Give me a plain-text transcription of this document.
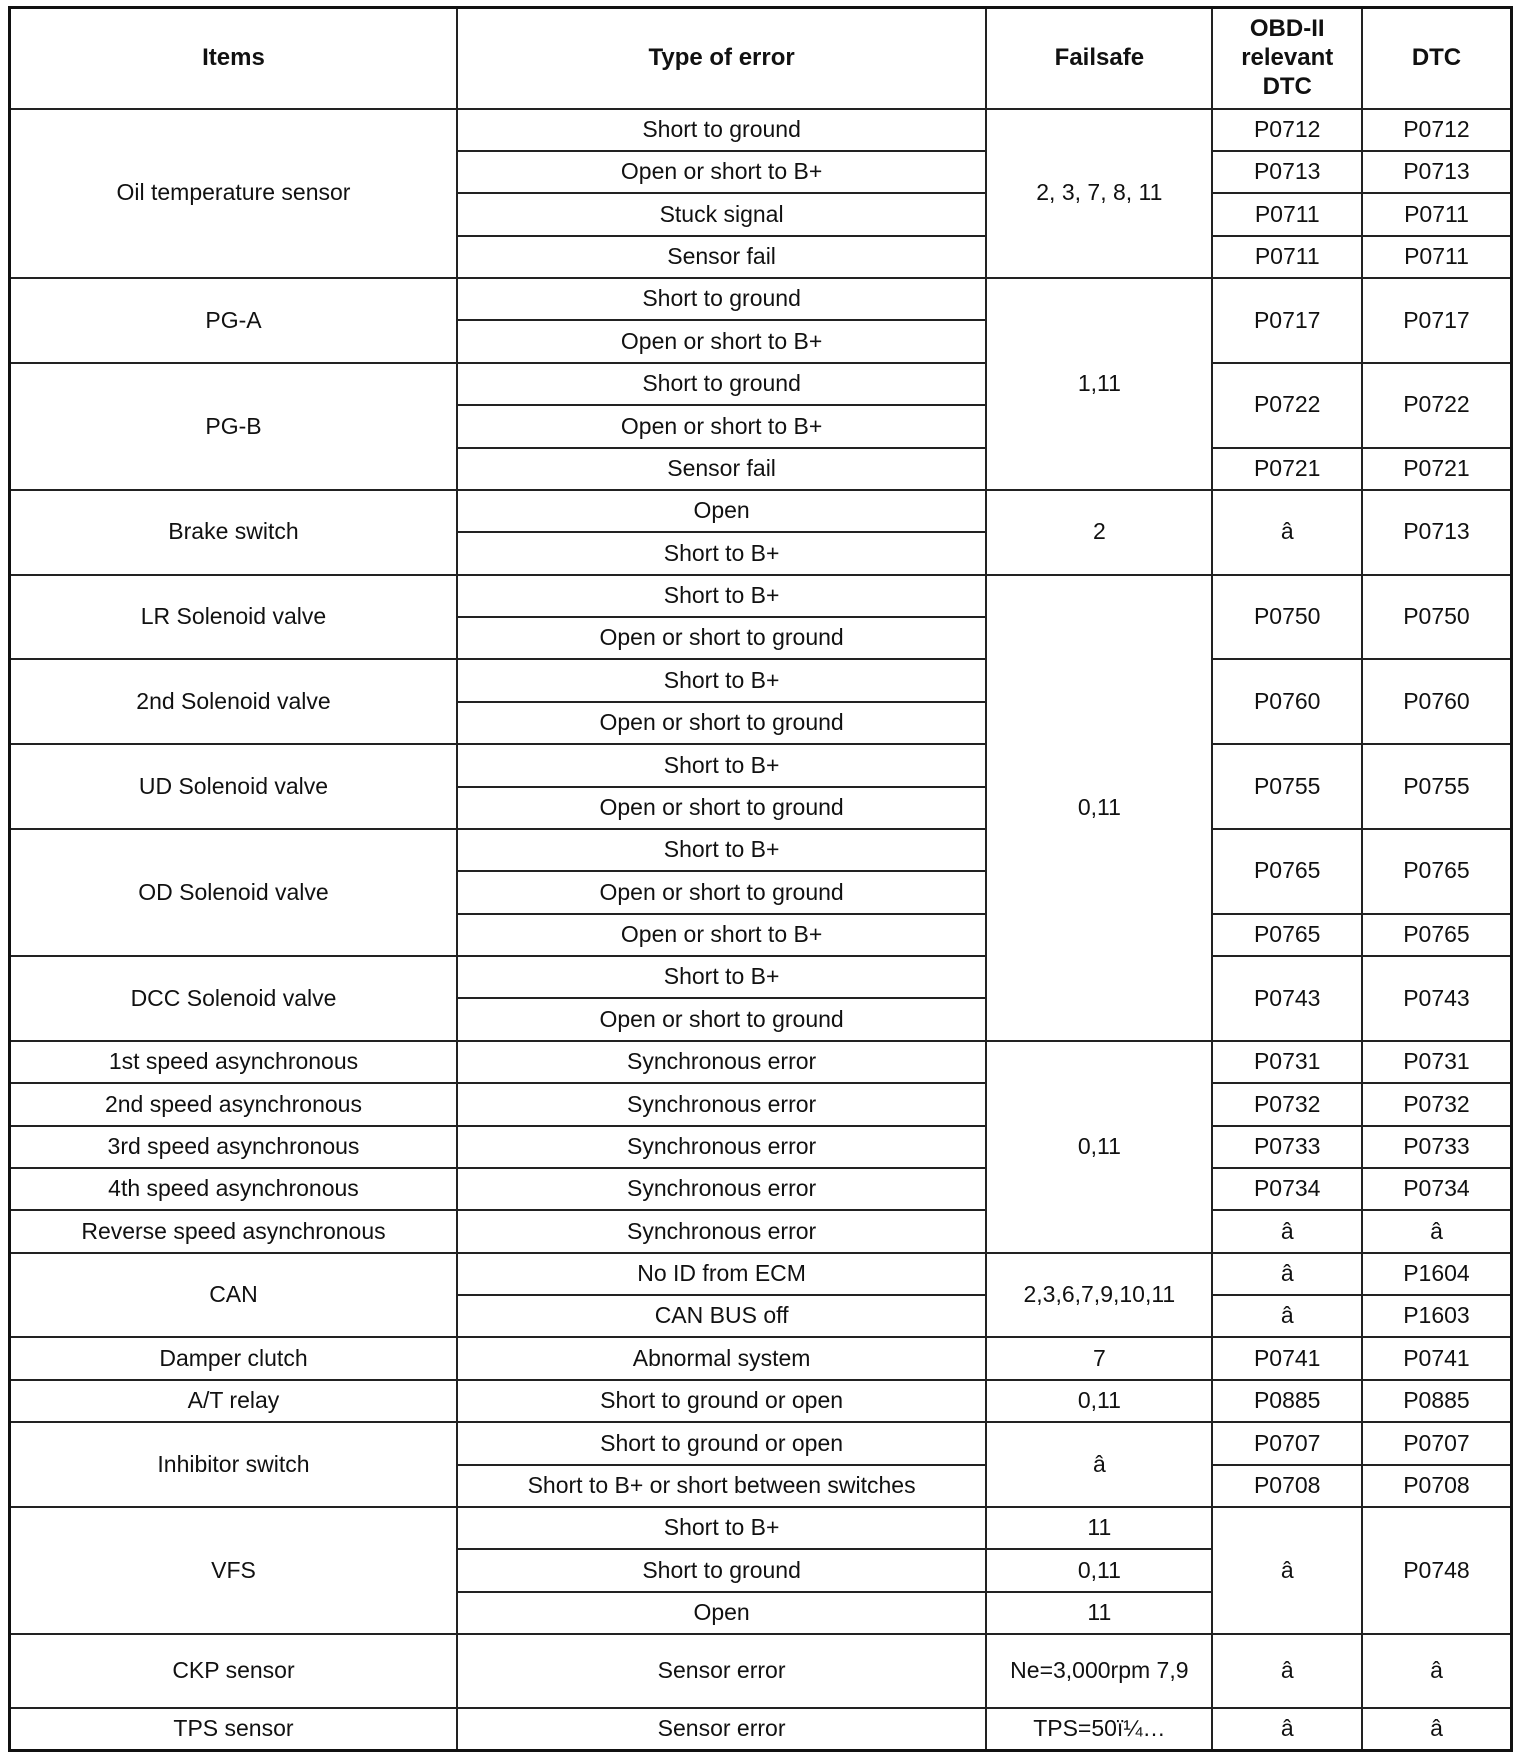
Items	Type of error	Failsafe	OBD-II relevant DTC	DTC
Oil temperature sensor	Short to ground	2, 3, 7, 8, 11	P0712	P0712
	Open or short to B+		P0713	P0713
	Stuck signal		P0711	P0711
	Sensor fail		P0711	P0711
PG-A	Short to ground	1,11	P0717	P0717
	Open or short to B+			
PG-B	Short to ground		P0722	P0722
	Open or short to B+			
	Sensor fail		P0721	P0721
Brake switch	Open	2	â	P0713
	Short to B+			
LR Solenoid valve	Short to B+	0,11	P0750	P0750
	Open or short to ground			
2nd Solenoid valve	Short to B+		P0760	P0760
	Open or short to ground			
UD Solenoid valve	Short to B+		P0755	P0755
	Open or short to ground			
OD Solenoid valve	Short to B+		P0765	P0765
	Open or short to ground			
	Open or short to B+		P0765	P0765
DCC Solenoid valve	Short to B+		P0743	P0743
	Open or short to ground			
1st speed asynchronous	Synchronous error	0,11	P0731	P0731
2nd speed asynchronous	Synchronous error		P0732	P0732
3rd speed asynchronous	Synchronous error		P0733	P0733
4th speed asynchronous	Synchronous error		P0734	P0734
Reverse speed asynchronous	Synchronous error		â	â
CAN	No ID from ECM	2,3,6,7,9,10,11	â	P1604
	CAN BUS off		â	P1603
Damper clutch	Abnormal system	7	P0741	P0741
A/T relay	Short to ground or open	0,11	P0885	P0885
Inhibitor switch	Short to ground or open	â	P0707	P0707
	Short to B+ or short between switches		P0708	P0708
VFS	Short to B+	11	â	P0748
	Short to ground	0,11		
	Open	11		
CKP sensor	Sensor error	Ne=3,000rpm 7,9	â	â
TPS sensor	Sensor error	TPS=50ï¼…	â	â
